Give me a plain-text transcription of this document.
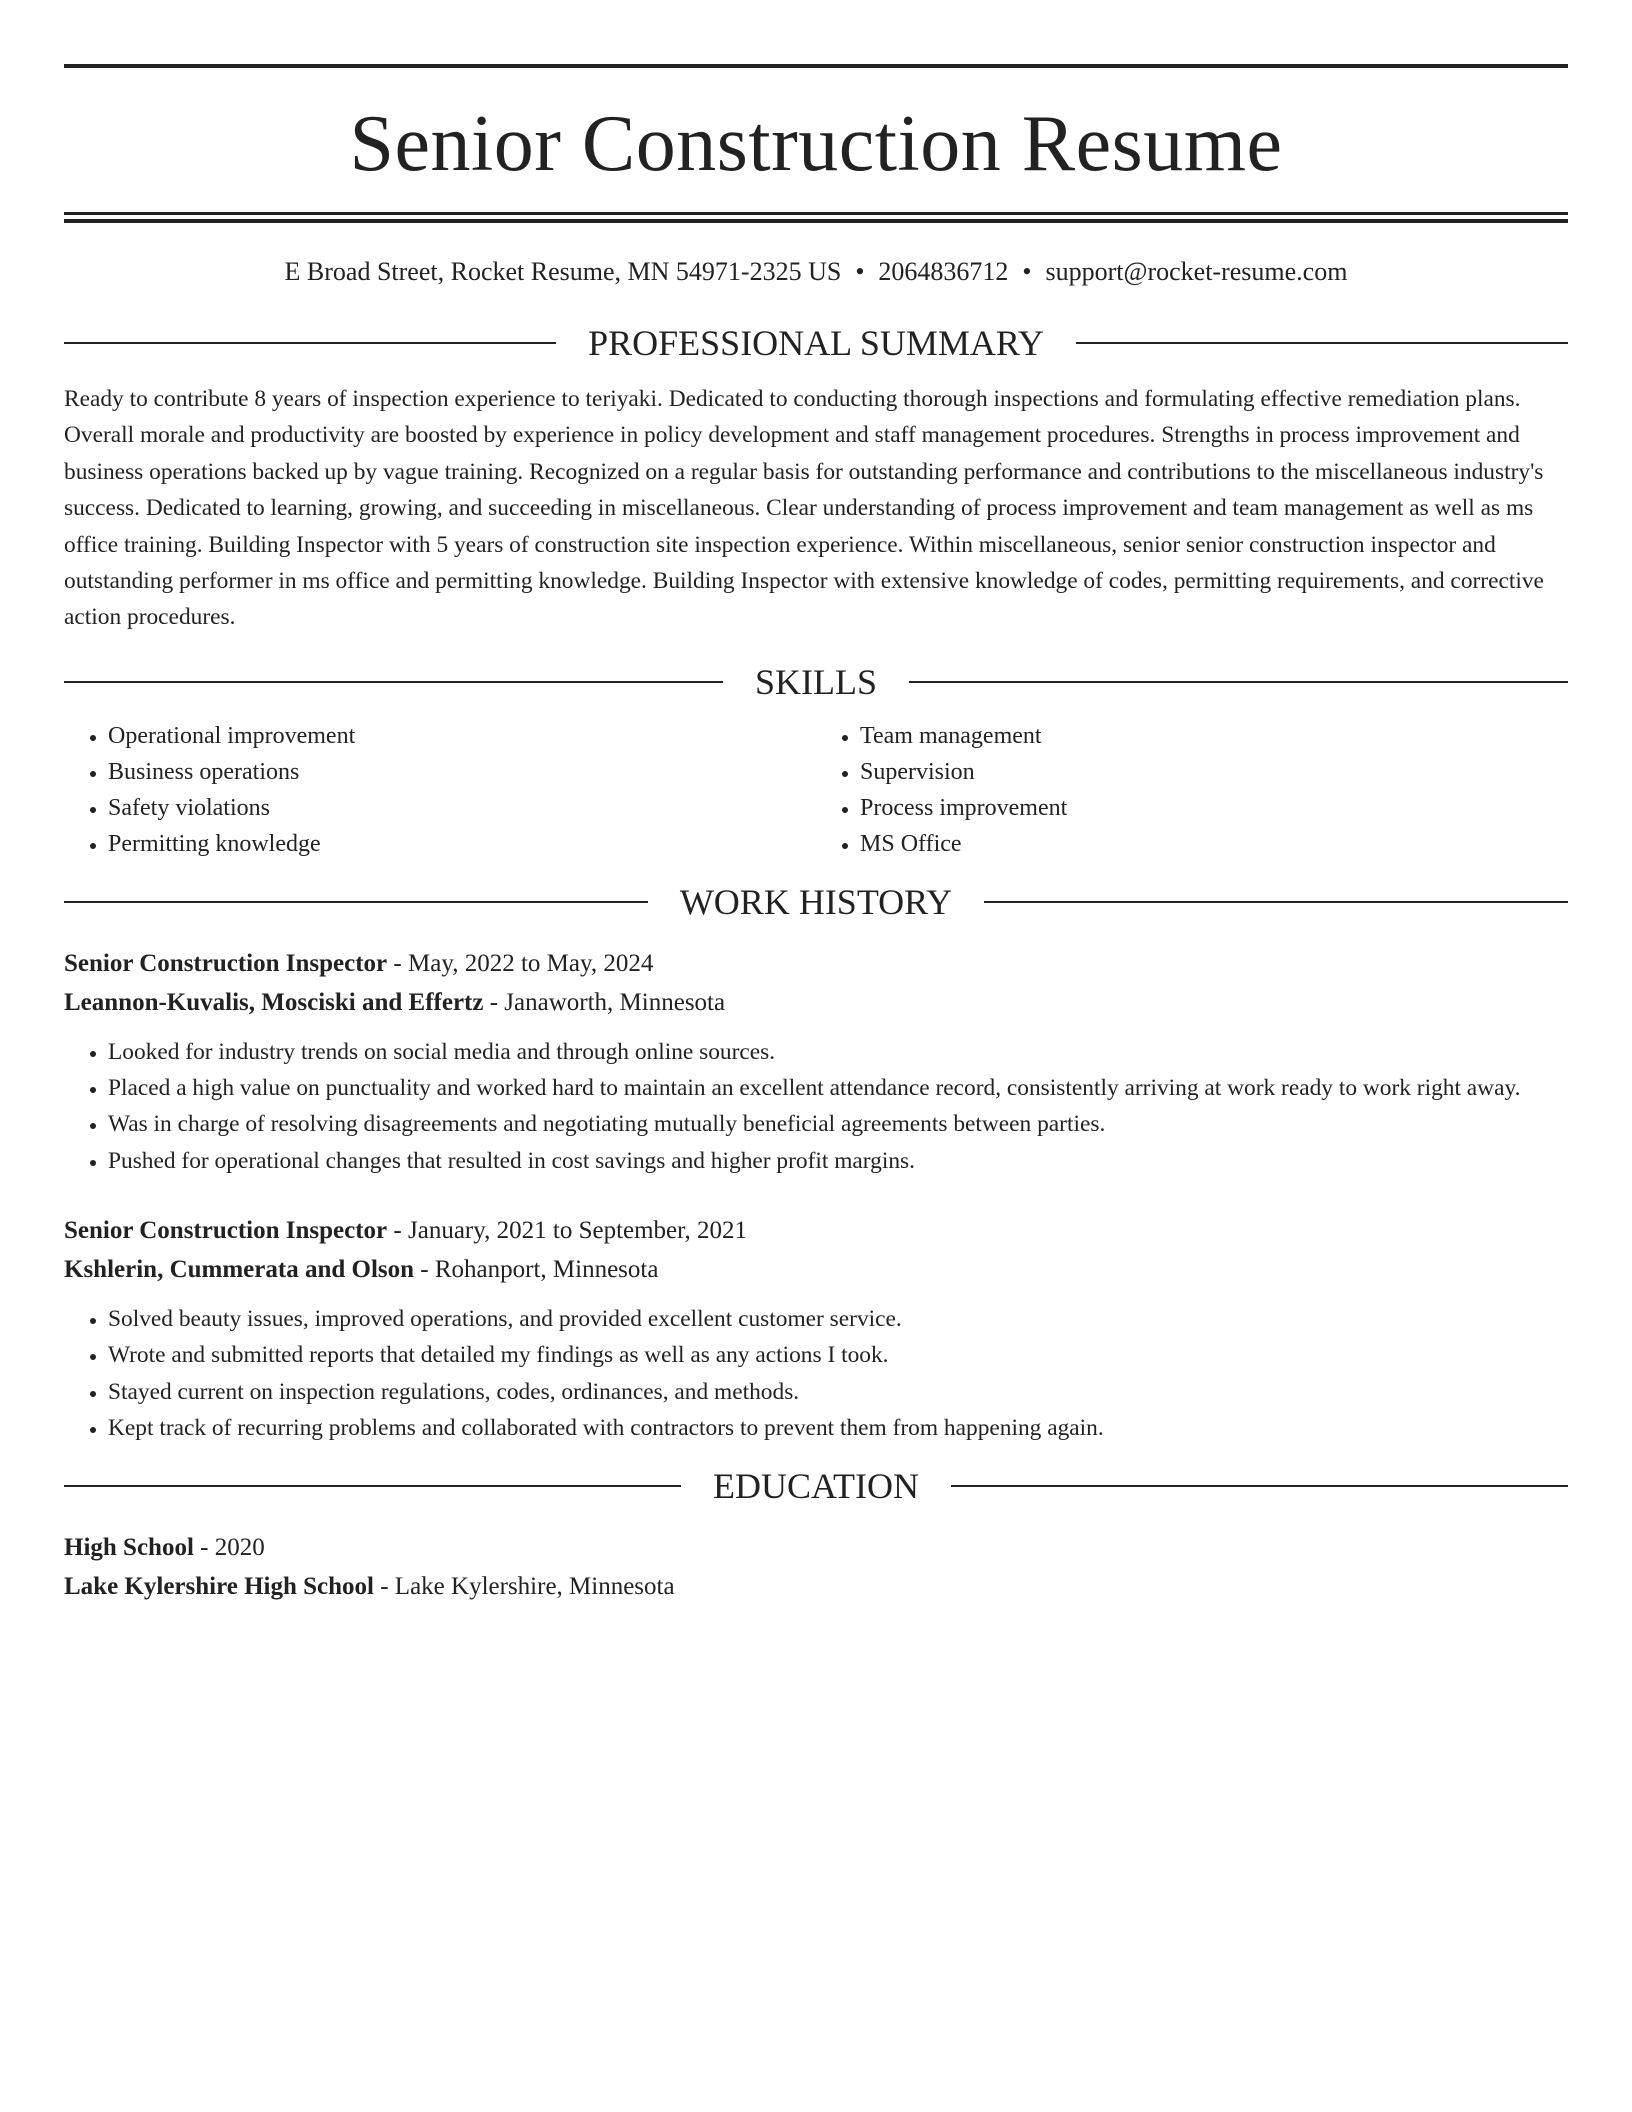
Senior Construction Resume
E Broad Street, Rocket Resume, MN 54971-2325 US • 2064836712 • support@rocket-resume.com
PROFESSIONAL SUMMARY

Ready to contribute 8 years of inspection experience to teriyaki. Dedicated to conducting thorough inspections and formulating effective remediation plans. Overall morale and productivity are boosted by experience in policy development and staff management procedures. Strengths in process improvement and business operations backed up by vague training. Recognized on a regular basis for outstanding performance and contributions to the miscellaneous industry's success. Dedicated to learning, growing, and succeeding in miscellaneous. Clear understanding of process improvement and team management as well as ms office training. Building Inspector with 5 years of construction site inspection experience. Within miscellaneous, senior senior construction inspector and outstanding performer in ms office and permitting knowledge. Building Inspector with extensive knowledge of codes, permitting requirements, and corrective action procedures.

SKILLS
• Operational improvement
• Business operations
• Safety violations
• Permitting knowledge
• Team management
• Supervision
• Process improvement
• MS Office
WORK HISTORY
Senior Construction Inspector - May, 2022 to May, 2024
Leannon-Kuvalis, Mosciski and Effertz - Janaworth, Minnesota
• Looked for industry trends on social media and through online sources.
• Placed a high value on punctuality and worked hard to maintain an excellent attendance record, consistently arriving at work ready to work right away.
• Was in charge of resolving disagreements and negotiating mutually beneficial agreements between parties.
• Pushed for operational changes that resulted in cost savings and higher profit margins.
Senior Construction Inspector - January, 2021 to September, 2021
Kshlerin, Cummerata and Olson - Rohanport, Minnesota
• Solved beauty issues, improved operations, and provided excellent customer service.
• Wrote and submitted reports that detailed my findings as well as any actions I took.
• Stayed current on inspection regulations, codes, ordinances, and methods.
• Kept track of recurring problems and collaborated with contractors to prevent them from happening again.
EDUCATION
High School - 2020
Lake Kylershire High School - Lake Kylershire, Minnesota
